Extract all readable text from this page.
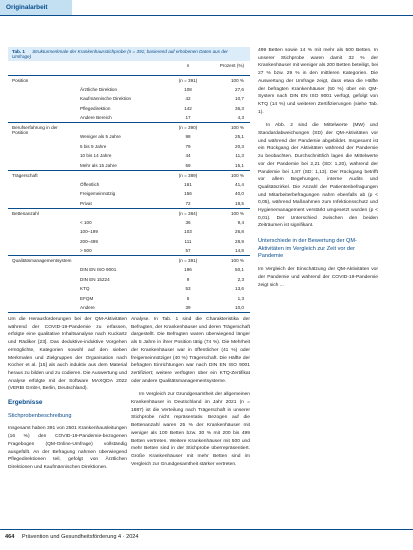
Originalarbeit
Tab. 1 Strukturmerkmale der Krankenhausstichprobe (n = 391; basierend auf erhobenen Daten aus der Umfrage)
		n	Prozent (%)
Position		(n = 391)	100 %
	Ärztliche Direktion	108	27,6
	Kaufmännische Direktion	42	10,7
	Pflegedirektion	142	36,3
	Andere Bereich	17	4,3
Berufserfahrung in der Position		(n = 390)	100 %
	Weniger als 5 Jahre	98	25,1
	5 bis 9 Jahre	79	20,3
	10 bis 14 Jahre	44	11,3
	Mehr als 15 Jahre	59	15,1
Trägerschaft		(n = 389)	100 %
	Öffentlich	161	41,4
	Freigemeinnützig	156	40,0
	Privat	72	18,5
Bettenanzahl		(n = 384)	100 %
	< 100	36	9,4
	100–199	103	26,8
	200–499	111	28,9
	> 500	57	14,8
Qualitätsmanagementsystem		(n = 391)	100 %
	DIN EN ISO 9001	196	50,1
	DIN EN 15224	9	2,3
	KTQ	53	13,6
	EFQM	5	1,3
	Andere	39	10,0

Um die Herausforderungen bei der QM-Aktivitäten während der COVID-19-Pandemie zu erfassen, erfolgte eine qualitative Inhaltsanalyse nach Kuckartz und Rädiker [23]. Das deduktive-induktive Vorgehen ermöglichte, Kategorien sowohl auf den sieben Merkmalen und Zielgruppen der Organisation nach Kocher et al. [15] als auch induktiv aus dem Material heraus zu bilden und zu codieren. Die Auswertung und Analyse erfolgte mit der Software MAXQDA 2022 (VERBI GmbH, Berlin, Deutschland).

Ergebnisse
Stichprobenbeschreibung

Insgesamt haben 391 von 2501 Krankenhausleitungen (16 %) den COVID-19-Pandemie-bezogenen Fragebogen (QM-Online-Umfrage) vollständig ausgefüllt. An der Befragung nahmen überwiegend Pflegedirektionen teil, gefolgt von Ärztlichen Direktionen und Kaufmännischen Direktionen.

Analyse. In Tab. 1 sind die Charakteristika der Befragten, der Krankenhäuser und deren Trägerschaft dargestellt. Die Befragten waren überwiegend länger als 5 Jahre in ihrer Position tätig (74 %). Die Mehrheit der Krankenhäuser war in öffentlicher (41 %) oder freigemeinnütziger (40 %) Trägerschaft. Die Hälfte der befragten Einrichtungen war nach DIN EN ISO 9001 zertifiziert; weitere verfügten über ein KTQ-Zertifikat oder andere Qualitätsmanagementsysteme.

Im Vergleich zur Grundgesamtheit der allgemeinen Krankenhäuser in Deutschland im Jahr 2021 (n = 1887) ist die Verteilung nach Trägerschaft in unserer Stichprobe nicht repräsentativ. Bezogen auf die Bettenanzahl waren 25 % der Krankenhäuser mit weniger als 100 Betten bzw. 30 % mit 200 bis 499 Betten vertreten. Weitere Krankenhäuser mit 500 und mehr Betten sind in der Stichprobe überrepräsentiert. Große Krankenhäuser mit mehr Betten sind im Vergleich zur Grundgesamtheit stärker vertreten.

499 Betten sowie 14 % mit mehr als 500 Betten. In unserer Stichprobe waren damit 32 % der Krankenhäuser mit weniger als 200 Betten beteiligt, bei 27 % bzw. 29 % in den mittleren Kategorien. Die Auswertung der Umfrage zeigt, dass etwa die Hälfte der befragten Krankenhäuser (50 %) über ein QM-System nach DIN EN ISO 9001 verfügt, gefolgt von KTQ (14 %) und weiteren Zertifizierungen (siehe Tab. 1).

In Abb. 2 sind die Mittelwerte (MW) und Standardabweichungen (SD) der QM-Aktivitäten vor und während der Pandemie abgebildet. Insgesamt ist ein Rückgang der Aktivitäten während der Pandemie zu beobachten. Durchschnittlich lagen die Mittelwerte vor der Pandemie bei 2,21 (SD: 1,20), während der Pandemie bei 1,87 (SD: 1,13). Der Rückgang betrifft vor allem Begehungen, interne Audits und Qualitätszirkel. Die Anzahl der Patientenbefragungen und Mitarbeiterbefragungen nahm ebenfalls ab (p < 0,05), während Maßnahmen zum Infektionsschutz und Hygienemanagement verstärkt umgesetzt wurden (p < 0,01). Der Unterschied zwischen den beiden Zeiträumen ist signifikant.

Unterschiede in der Bewertung der QM-Aktivitäten im Vergleich zur Zeit vor der Pandemie

Im Vergleich der Einschätzung der QM-Aktivitäten vor der Pandemie und während der COVID-19-Pandemie zeigt sich ...

464 Prävention und Gesundheitsförderung 4 · 2024
